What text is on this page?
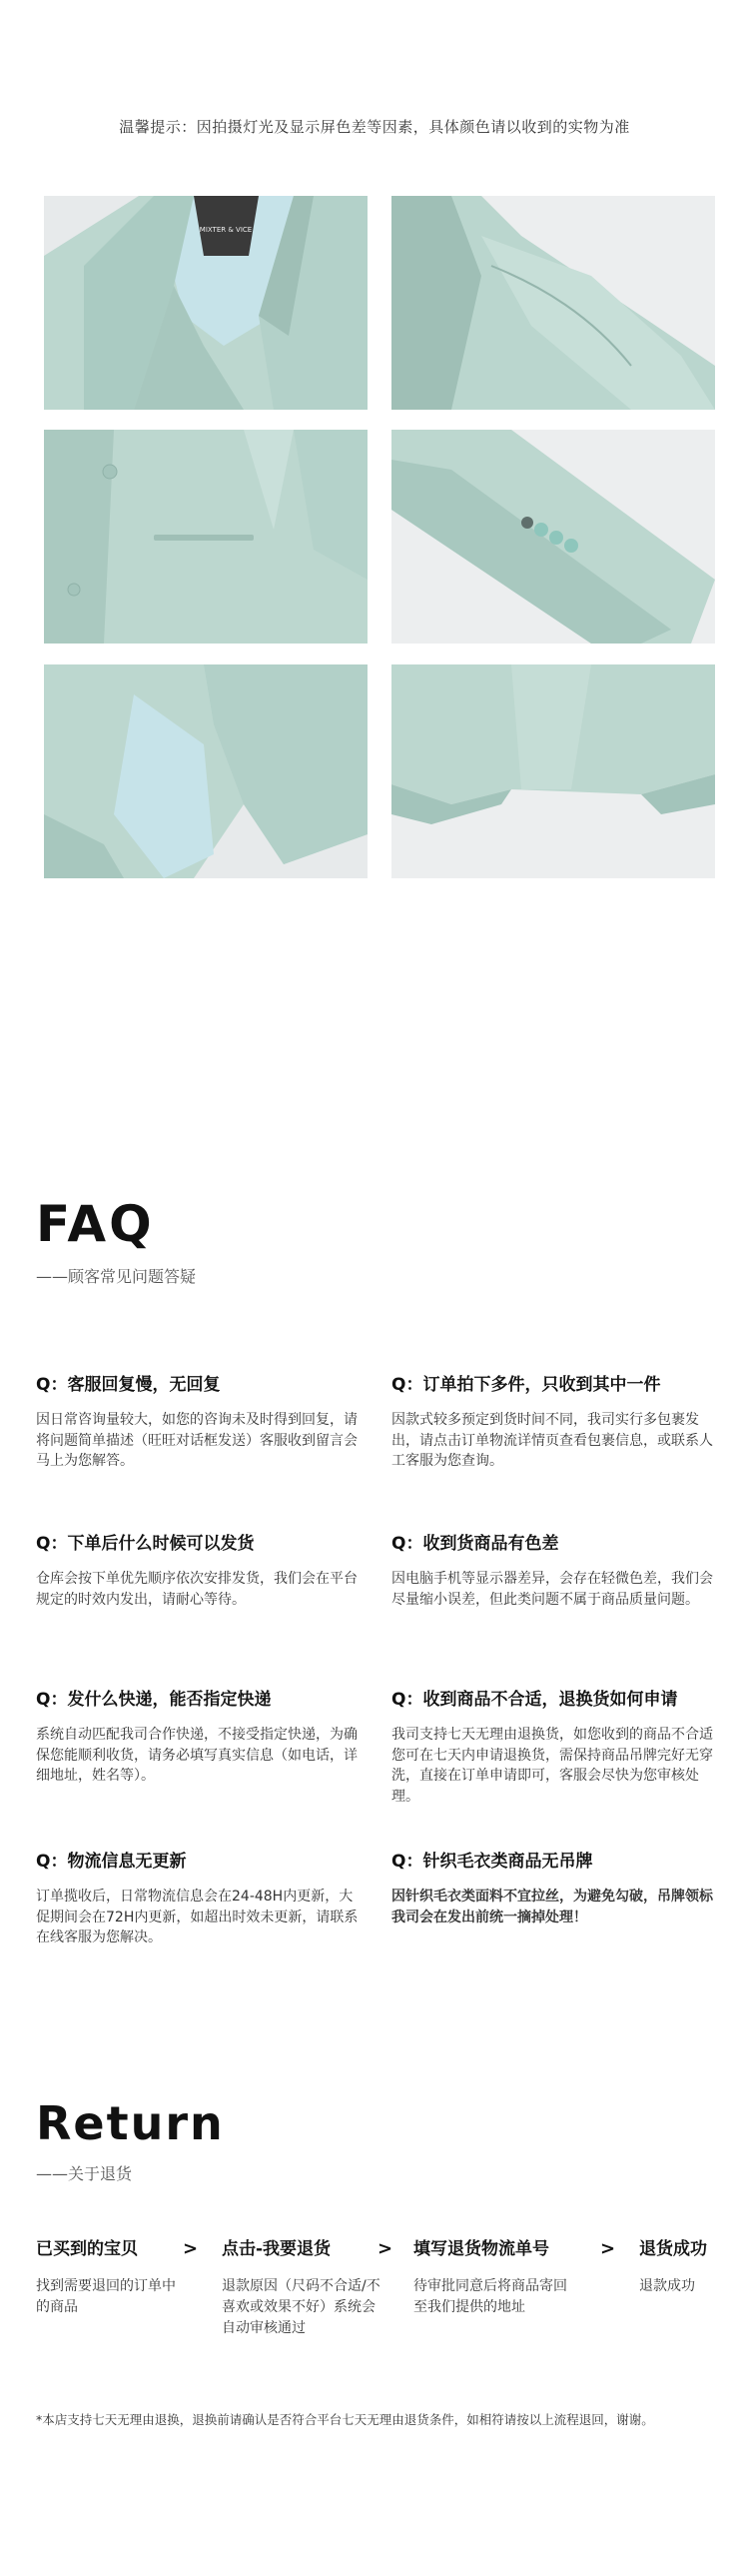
温馨提示：因拍摄灯光及显示屏色差等因素，具体颜色请以收到的实物为准
MIXTER & VICE
FAQ
——顾客常见问题答疑
Q：客服回复慢，无回复
因日常咨询量较大，如您的咨询未及时得到回复，请将问题简单描述（旺旺对话框发送）客服收到留言会马上为您解答。
Q：订单拍下多件，只收到其中一件
因款式较多预定到货时间不同，我司实行多包裹发出，请点击订单物流详情页查看包裹信息，或联系人工客服为您查询。
Q：下单后什么时候可以发货
仓库会按下单优先顺序依次安排发货，我们会在平台规定的时效内发出，请耐心等待。
Q：收到货商品有色差
因电脑手机等显示器差异，会存在轻微色差，我们会尽量缩小误差，但此类问题不属于商品质量问题。
Q：发什么快递，能否指定快递
系统自动匹配我司合作快递，不接受指定快递，为确保您能顺利收货，请务必填写真实信息（如电话，详细地址，姓名等）。
Q：收到商品不合适，退换货如何申请
我司支持七天无理由退换货，如您收到的商品不合适您可在七天内申请退换货，需保持商品吊牌完好无穿洗，直接在订单申请即可，客服会尽快为您审核处理。
Q：物流信息无更新
订单揽收后，日常物流信息会在24-48H内更新，大促期间会在72H内更新，如超出时效未更新，请联系在线客服为您解决。
Q：针织毛衣类商品无吊牌
因针织毛衣类面料不宜拉丝，为避免勾破，吊牌领标我司会在发出前统一摘掉处理！
Return
——关于退货
已买到的宝贝
找到需要退回的订单中的商品
> 点击-我要退货
退款原因（尺码不合适/不喜欢或效果不好）系统会自动审核通过
> 填写退货物流单号
待审批同意后将商品寄回至我们提供的地址
> 退货成功
退款成功
*本店支持七天无理由退换，退换前请确认是否符合平台七天无理由退货条件，如相符请按以上流程退回，谢谢。
